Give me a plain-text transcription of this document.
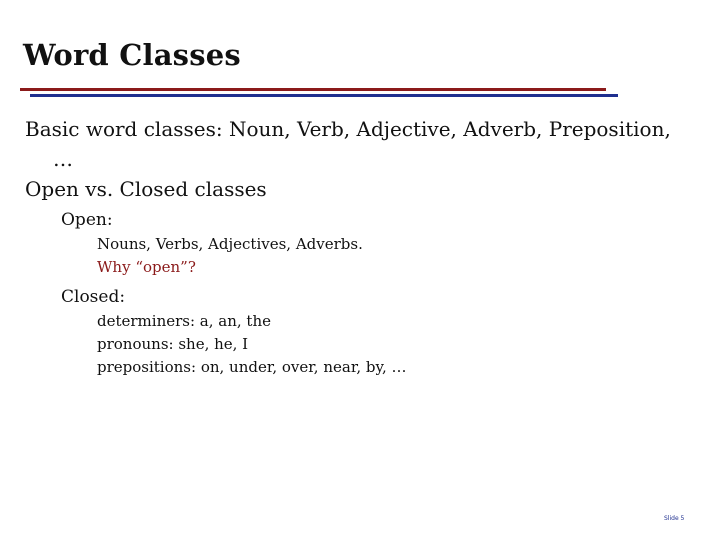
Word Classes

Basic word classes: Noun, Verb, Adjective, Adverb, Preposition, …

Open vs. Closed classes

Open:

Nouns, Verbs, Adjectives, Adverbs.

Why “open”?

Closed:

determiners: a, an, the

pronouns: she, he, I

prepositions: on, under, over, near, by, …

Slide 5
